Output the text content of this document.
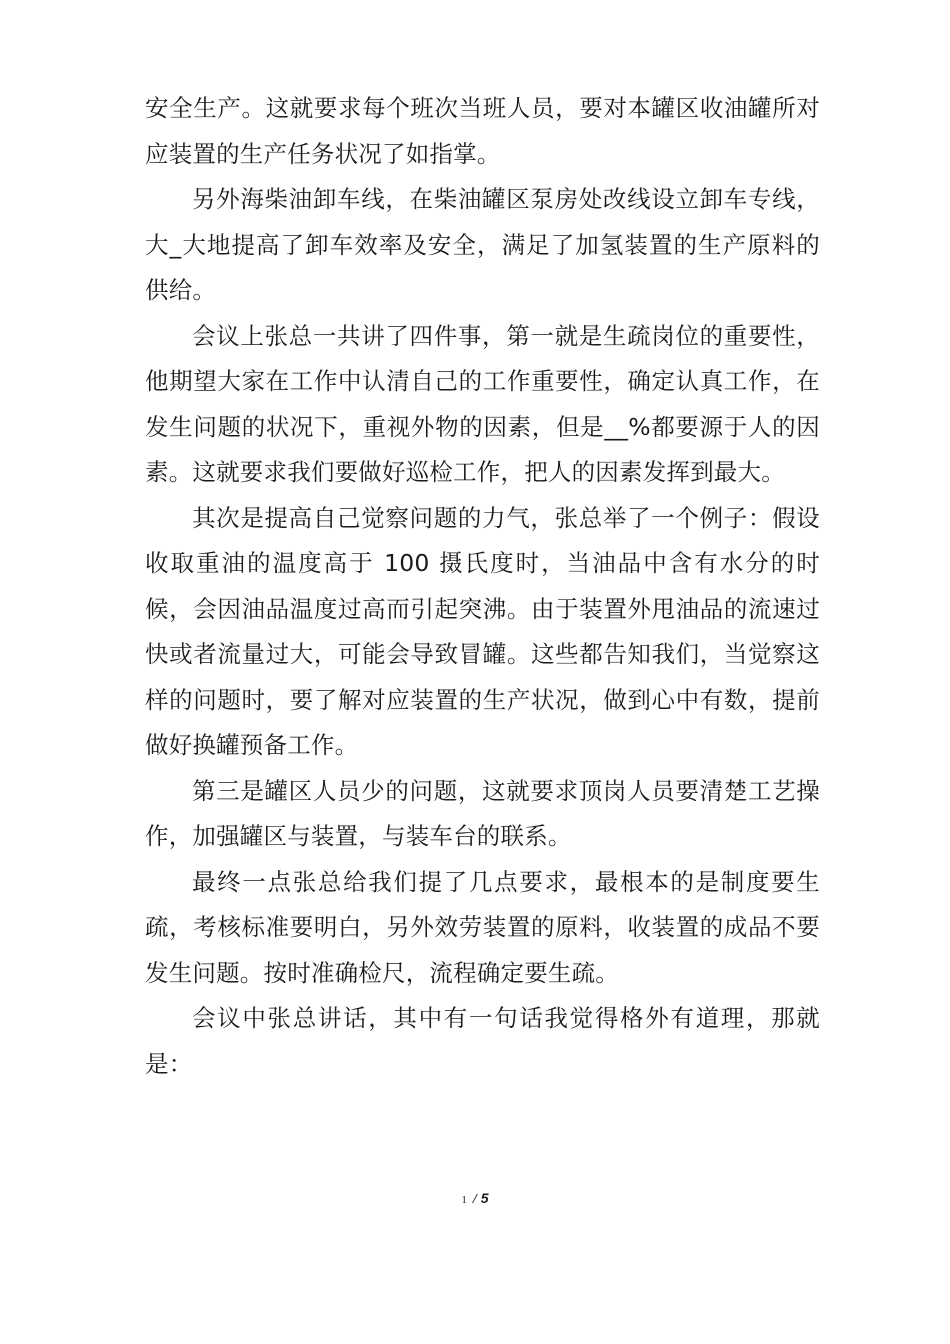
安全生产。这就要求每个班次当班人员，要对本罐区收油罐所对应装置的生产任务状况了如指掌。

另外海柴油卸车线，在柴油罐区泵房处改线设立卸车专线，大_大地提高了卸车效率及安全，满足了加氢装置的生产原料的供给。

会议上张总一共讲了四件事，第一就是生疏岗位的重要性，他期望大家在工作中认清自己的工作重要性，确定认真工作，在发生问题的状况下，重视外物的因素，但是__%都要源于人的因素。这就要求我们要做好巡检工作，把人的因素发挥到最大。

其次是提高自己觉察问题的力气，张总举了一个例子：假设收取重油的温度高于 100 摄氏度时，当油品中含有水分的时候，会因油品温度过高而引起突沸。由于装置外甩油品的流速过快或者流量过大，可能会导致冒罐。这些都告知我们，当觉察这样的问题时，要了解对应装置的生产状况，做到心中有数，提前做好换罐预备工作。

第三是罐区人员少的问题，这就要求顶岗人员要清楚工艺操作，加强罐区与装置，与装车台的联系。

最终一点张总给我们提了几点要求，最根本的是制度要生疏，考核标准要明白，另外效劳装置的原料，收装置的成品不要发生问题。按时准确检尺，流程确定要生疏。

会议中张总讲话，其中有一句话我觉得格外有道理，那就是：

1 / 5
